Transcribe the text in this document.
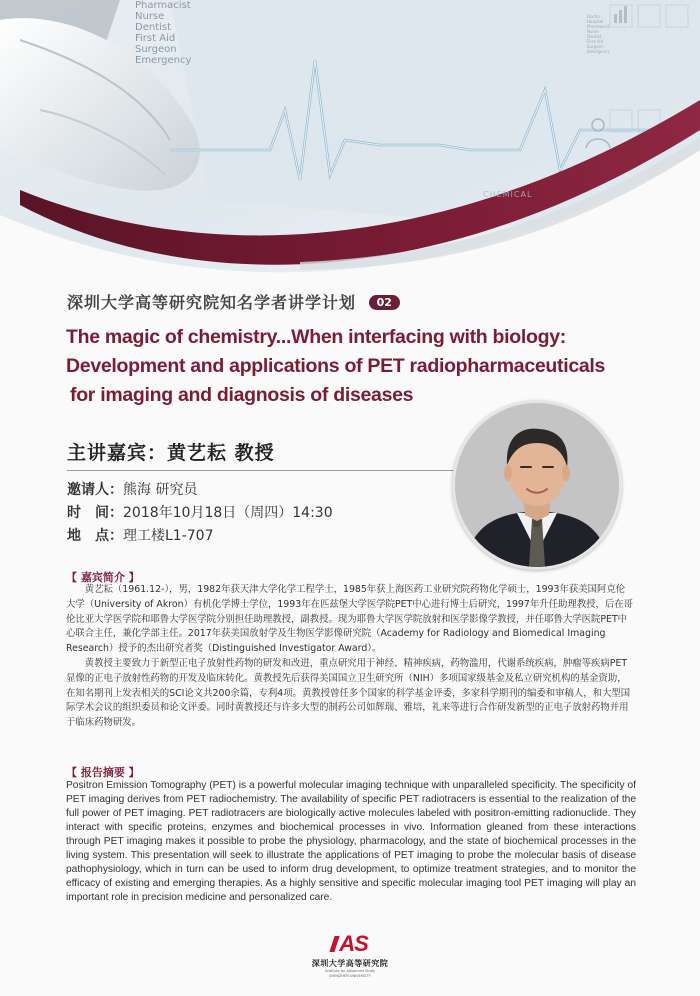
Pharmacist
Nurse
Dentist
First Aid
Surgeon
Emergency
Doctor
Hospital
Pharmacist
Nurse
Dentist
First Aid
Surgeon
Emergency
CHEMICAL
深圳大学高等研究院知名学者讲学计划 02
The magic of chemistry...When interfacing with biology:
Development and applications of PET radiopharmaceuticals
for imaging and diagnosis of diseases
主讲嘉宾：黄艺耘 教授
邀请人：熊海 研究员
时　间：2018年10月18日（周四）14:30
地　点：理工楼L1-707
【 嘉宾简介 】

黄艺耘（1961.12-），男，1982年获天津大学化学工程学士，1985年获上海医药工业研究院药物化学硕士，1993年获美国阿克伦大学（University of Akron）有机化学博士学位，1993年在匹兹堡大学医学院PET中心进行博士后研究，1997年升任助理教授，后在哥伦比亚大学医学院和耶鲁大学医学院分别担任助理教授，副教授。现为耶鲁大学医学院放射和医学影像学教授，并任耶鲁大学医院PET中心联合主任，兼化学部主任。2017年获美国放射学及生物医学影像研究院（Academy for Radiology and Biomedical Imaging Research）授予的杰出研究者奖（Distinguished Investigator Award）。

黄教授主要致力于新型正电子放射性药物的研发和改进，重点研究用于神经、精神疾病，药物滥用，代谢系统疾病，肿瘤等疾病PET显像的正电子放射性药物的开发及临床转化。黄教授先后获得美国国立卫生研究所（NIH）多项国家级基金及私立研究机构的基金资助，在知名期刊上发表相关的SCI论文共200余篇，专利4项。黄教授曾任多个国家的科学基金评委，多家科学期刊的编委和审稿人，和大型国际学术会议的组织委员和论文评委。同时黄教授还与许多大型的制药公司如辉瑞、雅培，礼来等进行合作研发新型的正电子放射药物并用于临床药物研发。

【 报告摘要 】
Positron Emission Tomography (PET) is a powerful molecular imaging technique with unparalleled specificity. The specificity of PET imaging derives from PET radiochemistry. The availability of specific PET radiotracers is essential to the realization of the full power of PET imaging. PET radiotracers are biologically active molecules labeled with positron-emitting radionuclide. They interact with specific proteins, enzymes and biochemical processes in vivo. Information gleaned from these interactions through PET imaging makes it possible to probe the physiology, pharmacology, and the state of biochemical processes in the living system. This presentation will seek to illustrate the applications of PET imaging to probe the molecular basis of disease pathophysiology, which in turn can be used to inform drug development, to optimize treatment strategies, and to monitor the efficacy of existing and emerging therapies. As a highly sensitive and specific molecular imaging tool PET imaging will play an important role in precision medicine and personalized care.
AS
深圳大学高等研究院
Institute for Advanced Study
SHENZHEN UNIVERSITY
